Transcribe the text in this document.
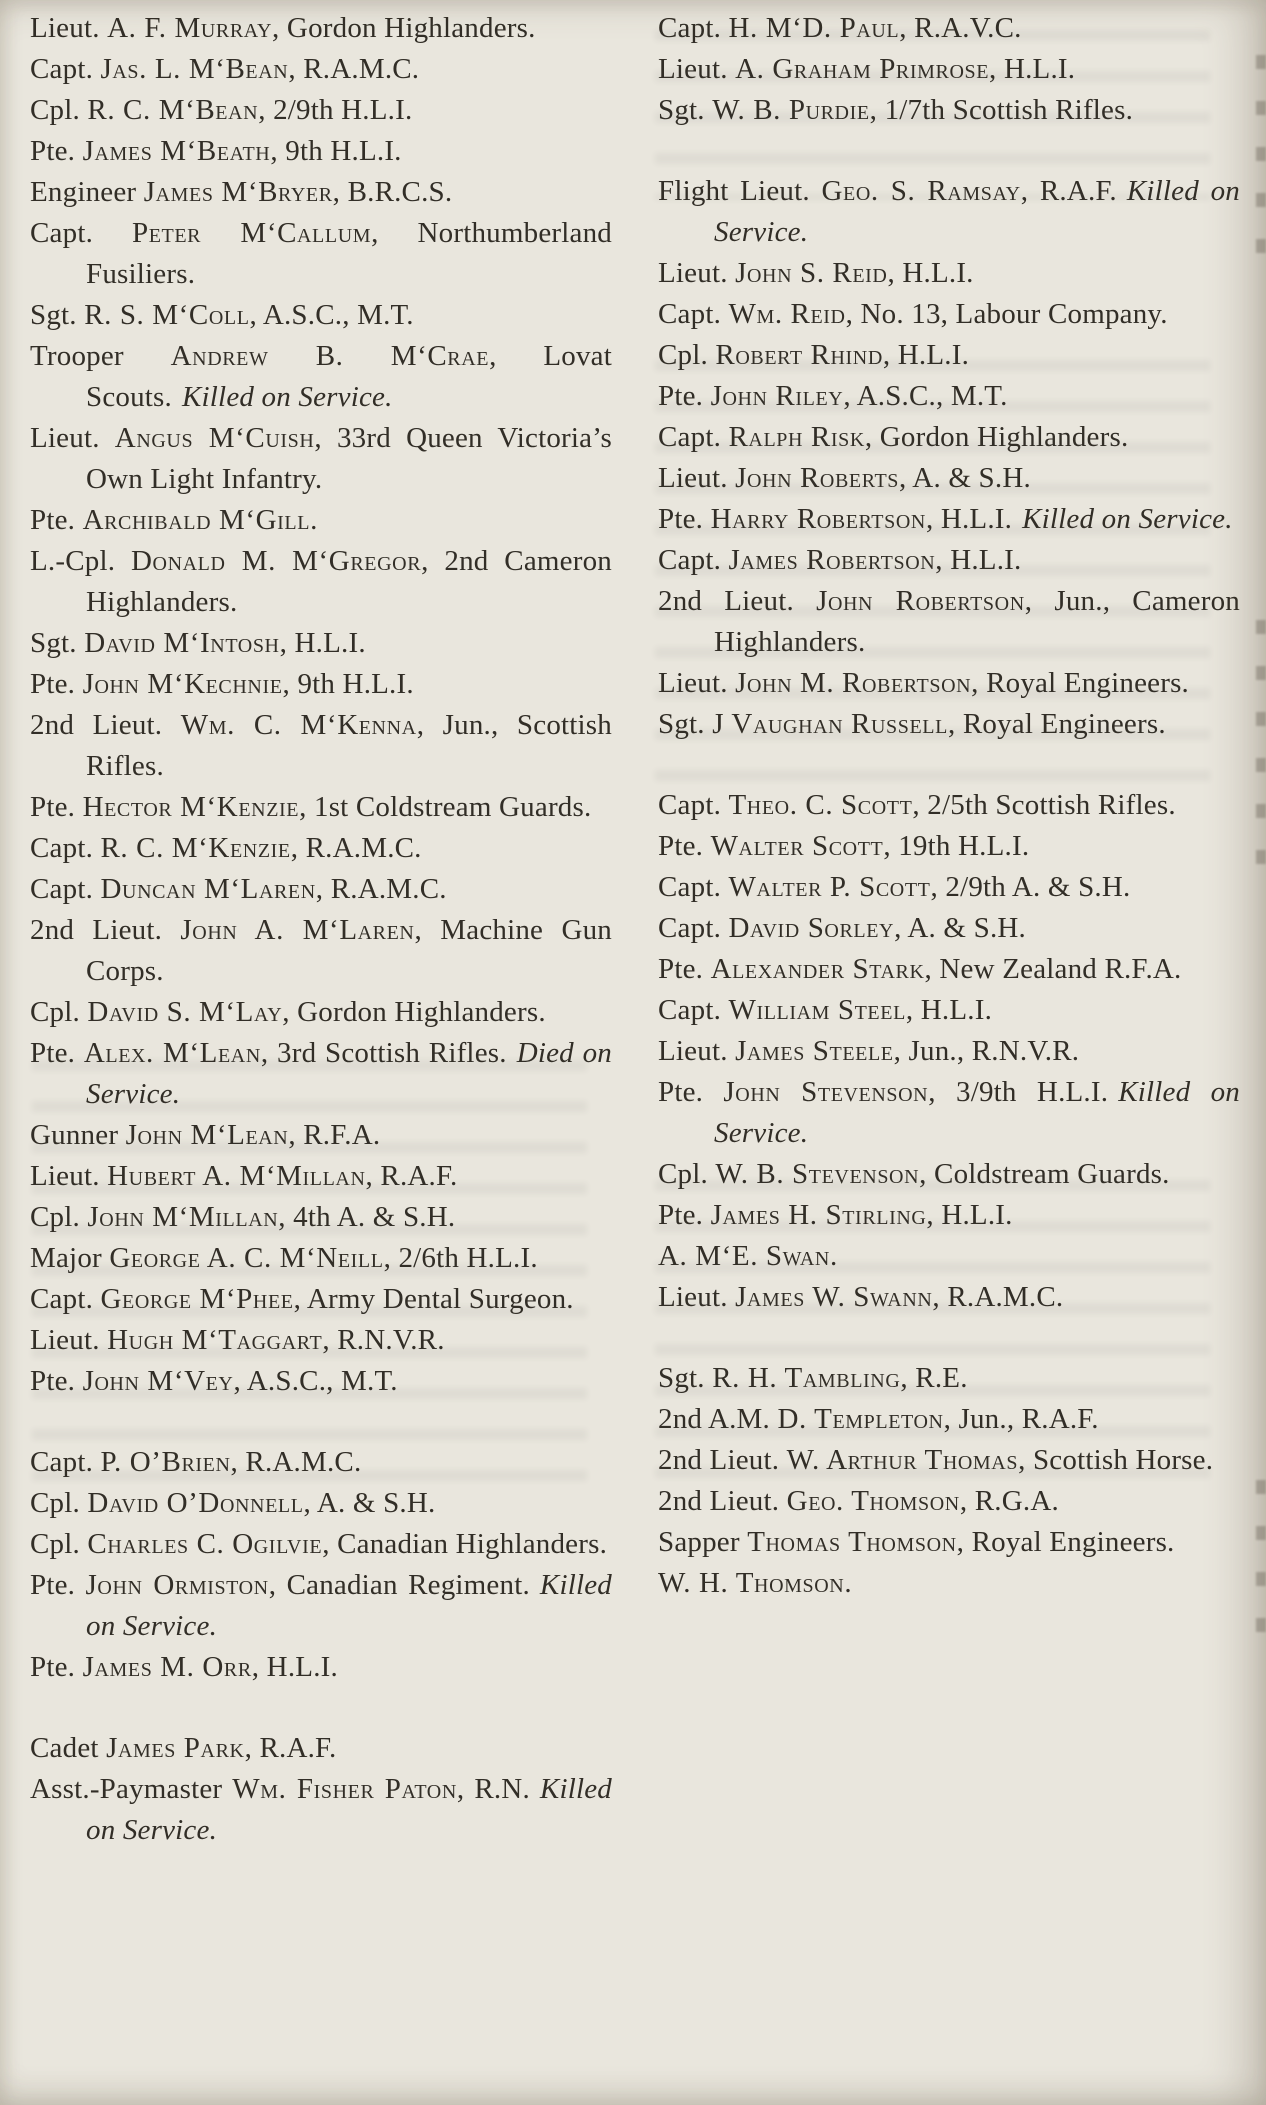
Lieut. A. F. Murray, Gordon Highlanders.

Capt. Jas. L. M‘Bean, R.A.M.C.

Cpl. R. C. M‘Bean, 2/9th H.L.I.

Pte. James M‘Beath, 9th H.L.I.

Engineer James M‘Bryer, B.R.C.S.

Capt. Peter M‘Callum, Northumberland Fusiliers.

Sgt. R. S. M‘Coll, A.S.C., M.T.

Trooper Andrew B. M‘Crae, Lovat Scouts. Killed on Service.

Lieut. Angus M‘Cuish, 33rd Queen Victoria’s Own Light Infantry.

Pte. Archibald M‘Gill.

L.-Cpl. Donald M. M‘Gregor, 2nd Cameron Highlanders.

Sgt. David M‘Intosh, H.L.I.

Pte. John M‘Kechnie, 9th H.L.I.

2nd Lieut. Wm. C. M‘Kenna, Jun., Scottish Rifles.

Pte. Hector M‘Kenzie, 1st Coldstream Guards.

Capt. R. C. M‘Kenzie, R.A.M.C.

Capt. Duncan M‘Laren, R.A.M.C.

2nd Lieut. John A. M‘Laren, Machine Gun Corps.

Cpl. David S. M‘Lay, Gordon Highlanders.

Pte. Alex. M‘Lean, 3rd Scottish Rifles. Died on Service.

Gunner John M‘Lean, R.F.A.

Lieut. Hubert A. M‘Millan, R.A.F.

Cpl. John M‘Millan, 4th A. & S.H.

Major George A. C. M‘Neill, 2/6th H.L.I.

Capt. George M‘Phee, Army Dental Surgeon.

Lieut. Hugh M‘Taggart, R.N.V.R.

Pte. John M‘Vey, A.S.C., M.T.

Capt. P. O’Brien, R.A.M.C.

Cpl. David O’Donnell, A. & S.H.

Cpl. Charles C. Ogilvie, Canadian Highlanders.

Pte. John Ormiston, Canadian Regiment. Killed on Service.

Pte. James M. Orr, H.L.I.

Cadet James Park, R.A.F.

Asst.-Paymaster Wm. Fisher Paton, R.N. Killed on Service.

Capt. H. M‘D. Paul, R.A.V.C.

Lieut. A. Graham Primrose, H.L.I.

Sgt. W. B. Purdie, 1/7th Scottish Rifles.

Flight Lieut. Geo. S. Ramsay, R.A.F. Killed on Service.

Lieut. John S. Reid, H.L.I.

Capt. Wm. Reid, No. 13, Labour Company.

Cpl. Robert Rhind, H.L.I.

Pte. John Riley, A.S.C., M.T.

Capt. Ralph Risk, Gordon Highlanders.

Lieut. John Roberts, A. & S.H.

Pte. Harry Robertson, H.L.I. Killed on Service.

Capt. James Robertson, H.L.I.

2nd Lieut. John Robertson, Jun., Cameron Highlanders.

Lieut. John M. Robertson, Royal Engineers.

Sgt. J Vaughan Russell, Royal Engineers.

Capt. Theo. C. Scott, 2/5th Scottish Rifles.

Pte. Walter Scott, 19th H.L.I.

Capt. Walter P. Scott, 2/9th A. & S.H.

Capt. David Sorley, A. & S.H.

Pte. Alexander Stark, New Zealand R.F.A.

Capt. William Steel, H.L.I.

Lieut. James Steele, Jun., R.N.V.R.

Pte. John Stevenson, 3/9th H.L.I. Killed on Service.

Cpl. W. B. Stevenson, Coldstream Guards.

Pte. James H. Stirling, H.L.I.

A. M‘E. Swan.

Lieut. James W. Swann, R.A.M.C.

Sgt. R. H. Tambling, R.E.

2nd A.M. D. Templeton, Jun., R.A.F.

2nd Lieut. W. Arthur Thomas, Scottish Horse.

2nd Lieut. Geo. Thomson, R.G.A.

Sapper Thomas Thomson, Royal Engineers.

W. H. Thomson.
